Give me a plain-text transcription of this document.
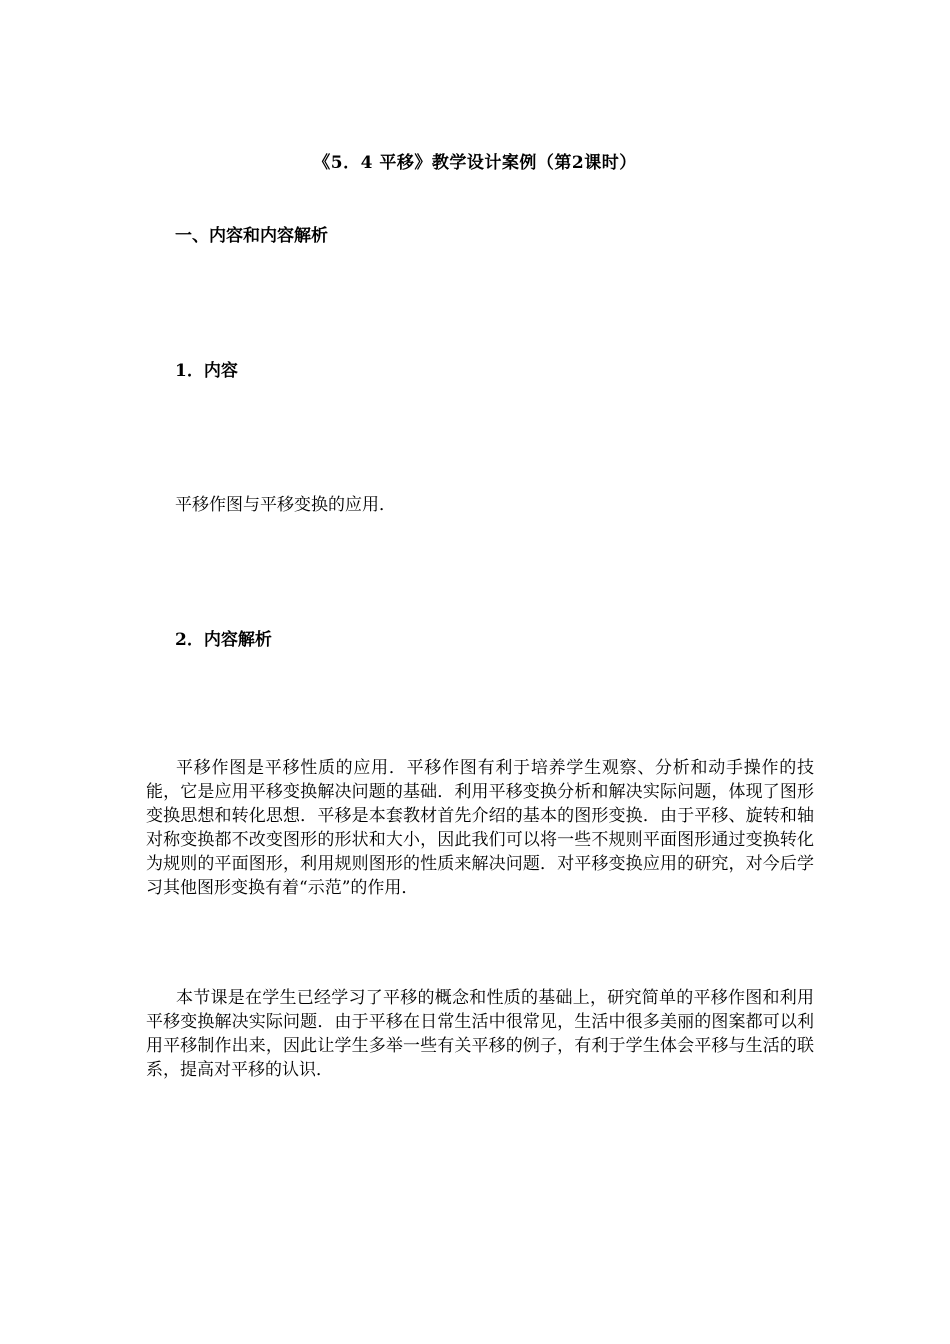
《5．4 平移》教学设计案例（第2课时）
一、内容和内容解析
1．内容
平移作图与平移变换的应用．
2．内容解析

平移作图是平移性质的应用．平移作图有利于培养学生观察、分析和动手操作的技能，它是应用平移变换解决问题的基础．利用平移变换分析和解决实际问题，体现了图形变换思想和转化思想．平移是本套教材首先介绍的基本的图形变换．由于平移、旋转和轴对称变换都不改变图形的形状和大小，因此我们可以将一些不规则平面图形通过变换转化为规则的平面图形，利用规则图形的性质来解决问题．对平移变换应用的研究，对今后学习其他图形变换有着“示范”的作用．

本节课是在学生已经学习了平移的概念和性质的基础上，研究简单的平移作图和利用平移变换解决实际问题．由于平移在日常生活中很常见，生活中很多美丽的图案都可以利用平移制作出来，因此让学生多举一些有关平移的例子，有利于学生体会平移与生活的联系，提高对平移的认识．
